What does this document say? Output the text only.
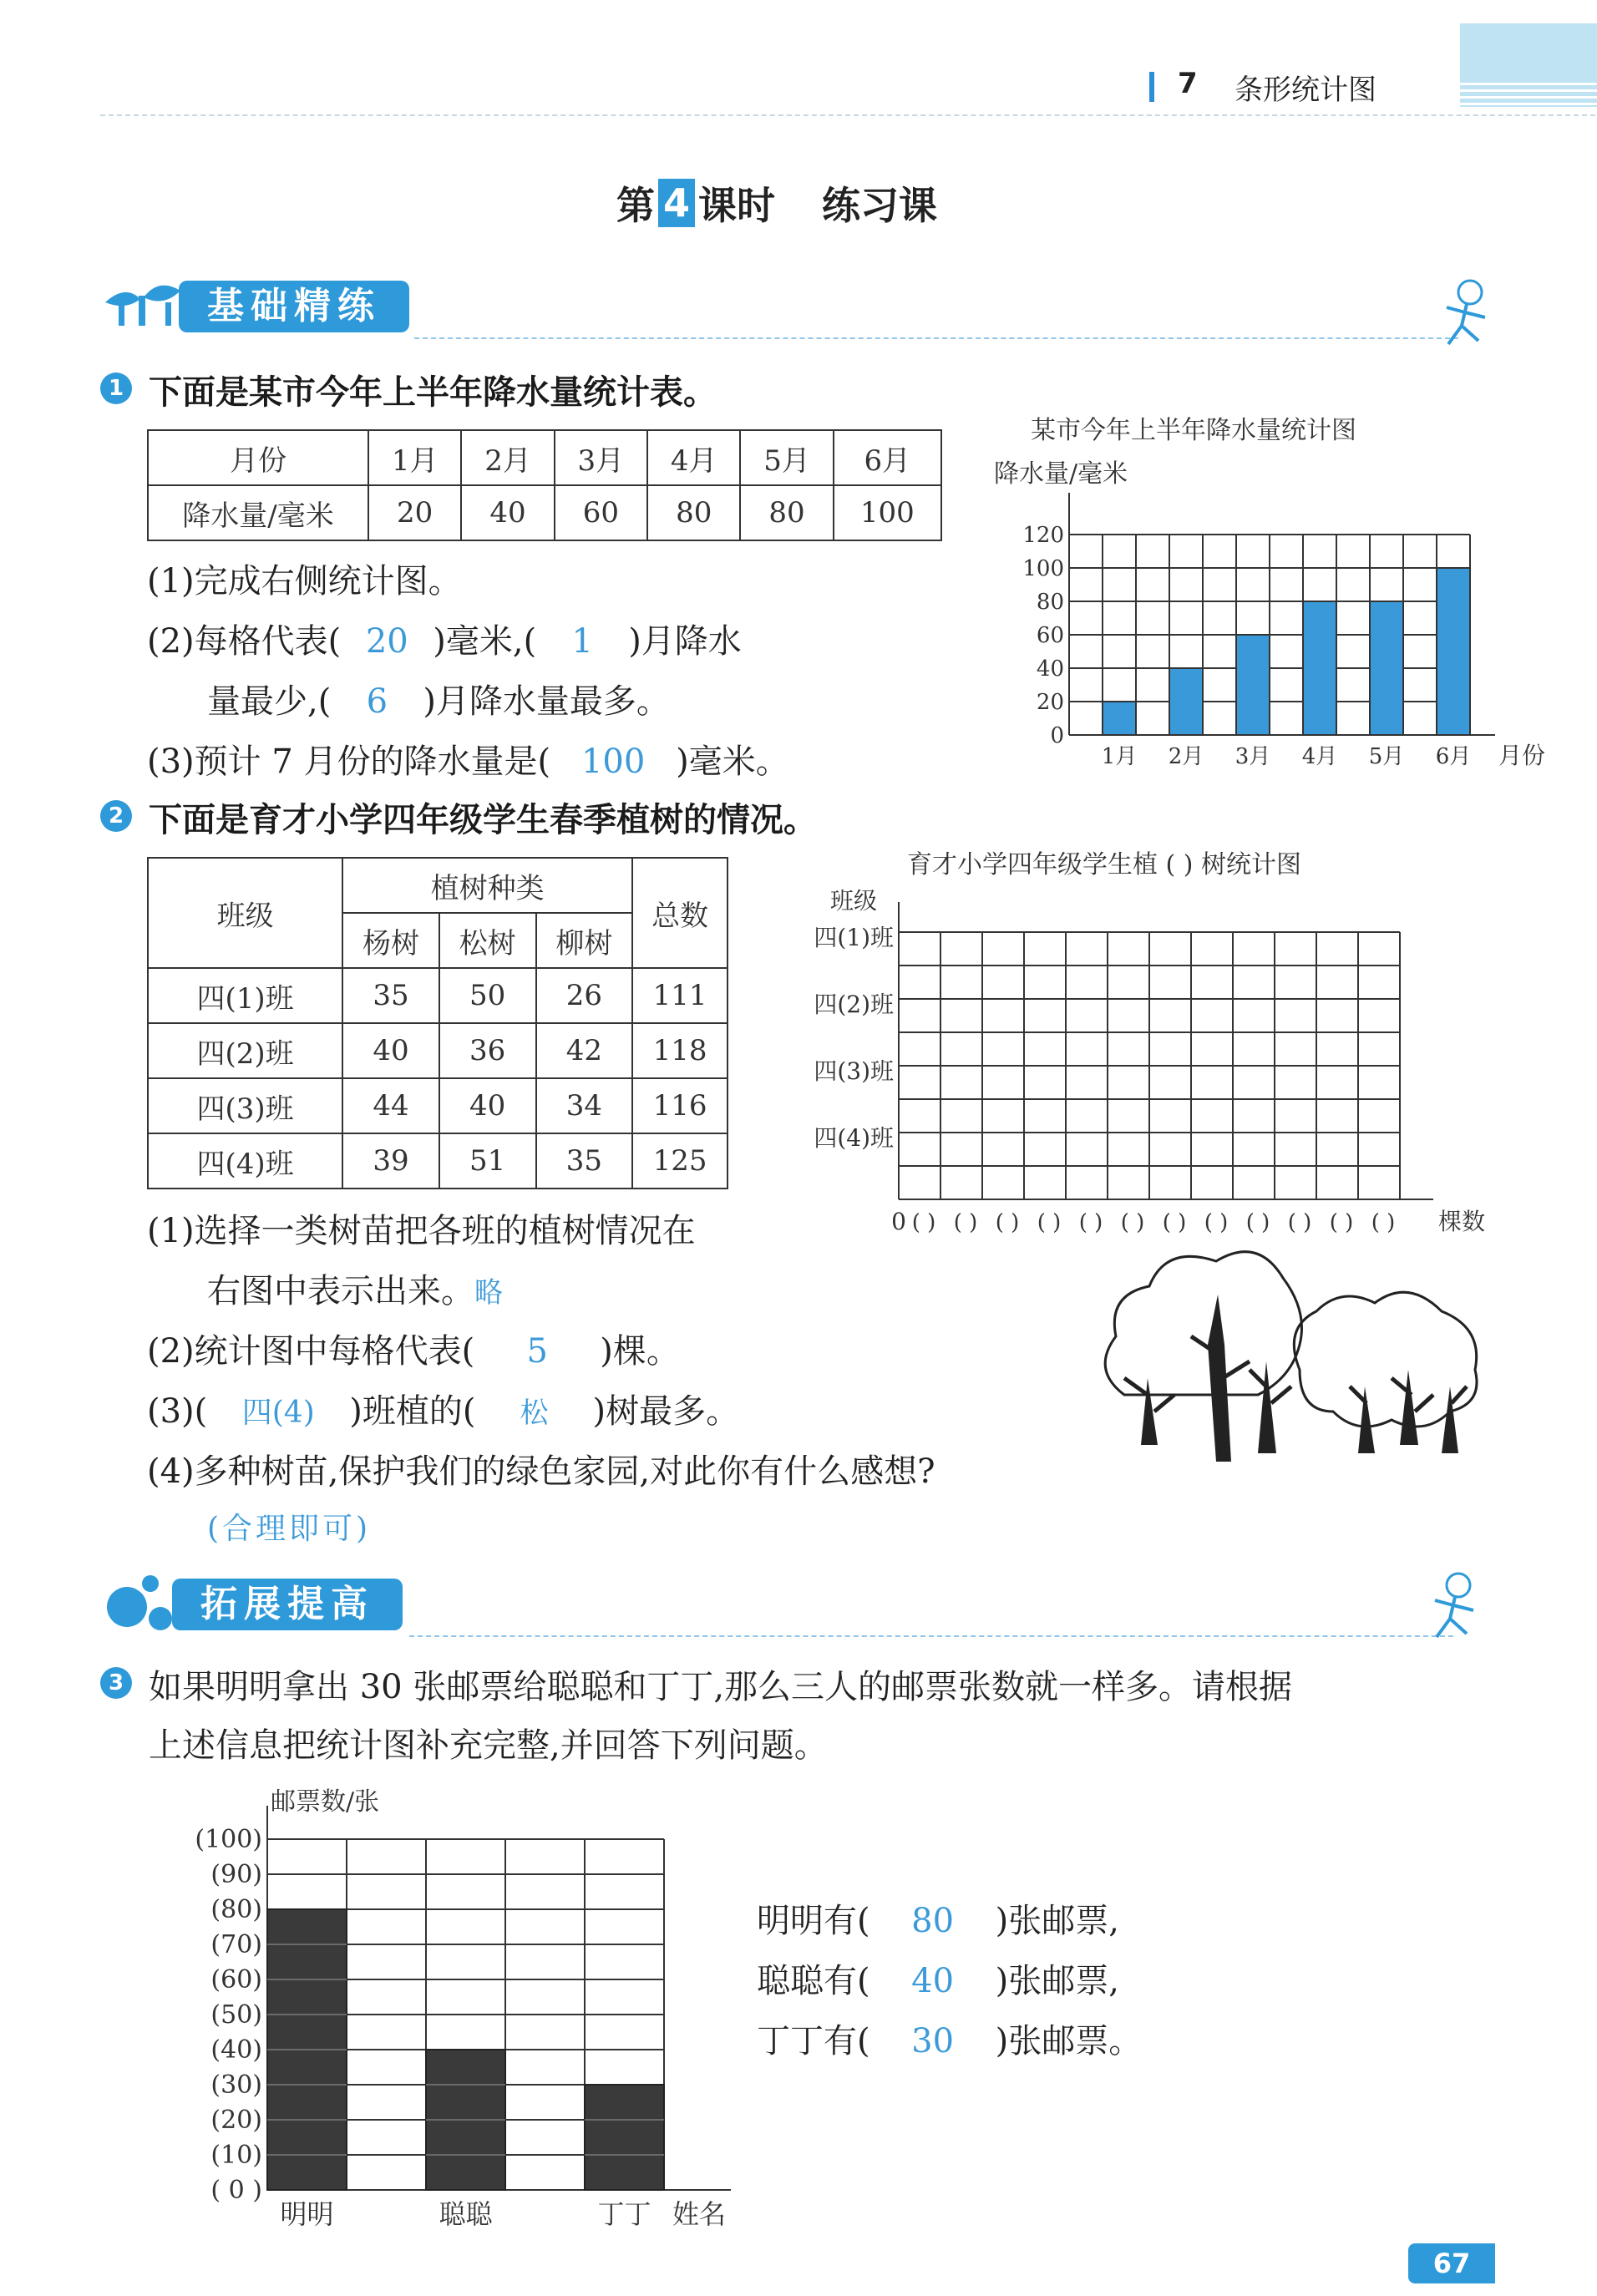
7 条形统计图
第 4 课时 练习课
基础精练
1 下面是某市今年上半年降水量统计表。
月份	1月	2月	3月	4月	5月	6月
降水量/毫米	20	40	60	80	80	100
(1)完成右侧统计图。
(2)每格代表( 20 )毫米,( 1 )月降水
量最少,( 6 )月降水量最多。
(3)预计 7 月份的降水量是( 100 )毫米。
某市今年上半年降水量统计图
降水量/毫米
0
20
40
60
80
100
120
1月 2月 3月 4月 5月 6月 月份
2 下面是育才小学四年级学生春季植树的情况。
班级	植树种类			总数
	杨树	松树	柳树	
四(1)班	35	50	26	111
四(2)班	40	36	42	118
四(3)班	44	40	34	116
四(4)班	39	51	35	125
(1)选择一类树苗把各班的植树情况在
右图中表示出来。略
(2)统计图中每格代表( 5 )棵。
(3)( 四(4) )班植的( 松 )树最多。
(4)多种树苗,保护我们的绿色家园,对此你有什么感想?
(合理即可)
育才小学四年级学生植 ( ) 树统计图
班级
四(1)班
四(2)班
四(3)班
四(4)班
0 ( ) ( ) ( ) ( ) ( ) ( ) ( ) ( ) ( ) ( ) ( ) ( ) 棵数
拓展提高
3 如果明明拿出 30 张邮票给聪聪和丁丁,那么三人的邮票张数就一样多。请根据
上述信息把统计图补充完整,并回答下列问题。
邮票数/张
( 0 )
(10)
(20)
(30)
(40)
(50)
(60)
(70)
(80)
(90)
(100)
明明	聪聪	丁丁 姓名
明明有( 80 )张邮票,
聪聪有( 40 )张邮票,
丁丁有( 30 )张邮票。
67
